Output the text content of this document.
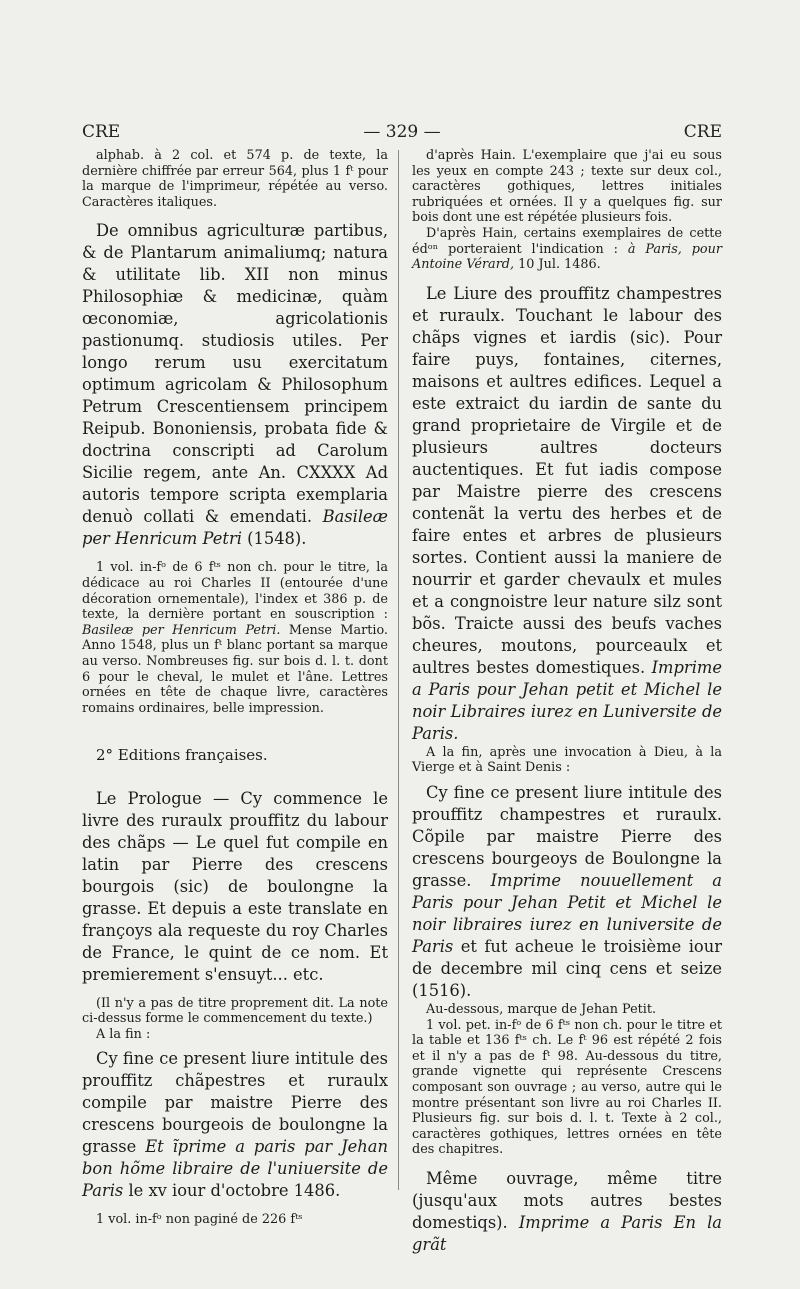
CRE	— 329 —	CRE

alphab. à 2 col. et 574 p. de texte, la dernière chiffrée par erreur 564, plus 1 fᵗ pour la marque de l'imprimeur, répétée au verso. Caractères italiques.

De omnibus agriculturæ partibus, & de Plantarum animaliumq; natura & utilitate lib. XII non minus Philosophiæ & medicinæ, quàm œconomiæ, agricolationis pastionumq. studiosis utiles. Per longo rerum usu exercitatum optimum agricolam & Philosophum Petrum Crescentiensem principem Reipub. Bononiensis, probata fide & doctrina conscripti ad Carolum Sicilie regem, ante An. CXXXX Ad autoris tempore scripta exemplaria denuò collati & emendati. Basileæ per Henricum Petri (1548).

1 vol. in-fᵒ de 6 fᵗˢ non ch. pour le titre, la dédicace au roi Charles II (entourée d'une décoration ornementale), l'index et 386 p. de texte, la dernière portant en souscription : Basileæ per Henricum Petri. Mense Martio. Anno 1548, plus un fᵗ blanc portant sa marque au verso. Nombreuses fig. sur bois d. l. t. dont 6 pour le cheval, le mulet et l'âne. Lettres ornées en tête de chaque livre, caractères romains ordinaires, belle impression.

2° Editions françaises.

Le Prologue — Cy commence le livre des ruraulx prouffitz du labour des chãps — Le quel fut compile en latin par Pierre des crescens bourgois (sic) de boulongne la grasse. Et depuis a este translate en françoys ala requeste du roy Charles de France, le quint de ce nom. Et premierement s'ensuyt... etc.

(Il n'y a pas de titre proprement dit. La note ci-dessus forme le commencement du texte.)

A la fin :

Cy fine ce present liure intitule des prouffitz chãpestres et ruraulx compile par maistre Pierre des crescens bourgeois de boulongne la grasse Et ĩprime a paris par Jehan bon hõme libraire de l'uniuersite de Paris le xv iour d'octobre 1486.

1 vol. in-fᵒ non paginé de 226 fᵗˢ

d'après Hain. L'exemplaire que j'ai eu sous les yeux en compte 243 ; texte sur deux col., caractères gothiques, lettres initiales rubriquées et ornées. Il y a quelques fig. sur bois dont une est répétée plusieurs fois.

D'après Hain, certains exemplaires de cette édᵒⁿ porteraient l'indication : à Paris, pour Antoine Vérard, 10 Jul. 1486.

Le Liure des prouffitz champestres et ruraulx. Touchant le labour des chãps vignes et iardis (sic). Pour faire puys, fontaines, citernes, maisons et aultres edifices. Lequel a este extraict du iardin de sante du grand proprietaire de Virgile et de plusieurs aultres docteurs auctentiques. Et fut iadis compose par Maistre pierre des crescens contenãt la vertu des herbes et de faire entes et arbres de plusieurs sortes. Contient aussi la maniere de nourrir et garder chevaulx et mules et a congnoistre leur nature silz sont bõs. Traicte aussi des beufs vaches cheures, moutons, pourceaulx et aultres bestes domestiques. Imprime a Paris pour Jehan petit et Michel le noir Libraires iurez en Luniversite de Paris.

A la fin, après une invocation à Dieu, à la Vierge et à Saint Denis :

Cy fine ce present liure intitule des prouffitz champestres et ruraulx. Cõpile par maistre Pierre des crescens bourgeoys de Boulongne la grasse. Imprime nouuellement a Paris pour Jehan Petit et Michel le noir libraires iurez en luniversite de Paris et fut acheue le troisième iour de decembre mil cinq cens et seize (1516).

Au-dessous, marque de Jehan Petit.

1 vol. pet. in-fᵒ de 6 fᵗˢ non ch. pour le titre et la table et 136 fᵗˢ ch. Le fᵗ 96 est répété 2 fois et il n'y a pas de fᵗ 98. Au-dessous du titre, grande vignette qui représente Crescens composant son ouvrage ; au verso, autre qui le montre présentant son livre au roi Charles II. Plusieurs fig. sur bois d. l. t. Texte à 2 col., caractères gothiques, lettres ornées en tête des chapitres.

Même ouvrage, même titre (jusqu'aux mots autres bestes domestiqs). Imprime a Paris En la grãt
